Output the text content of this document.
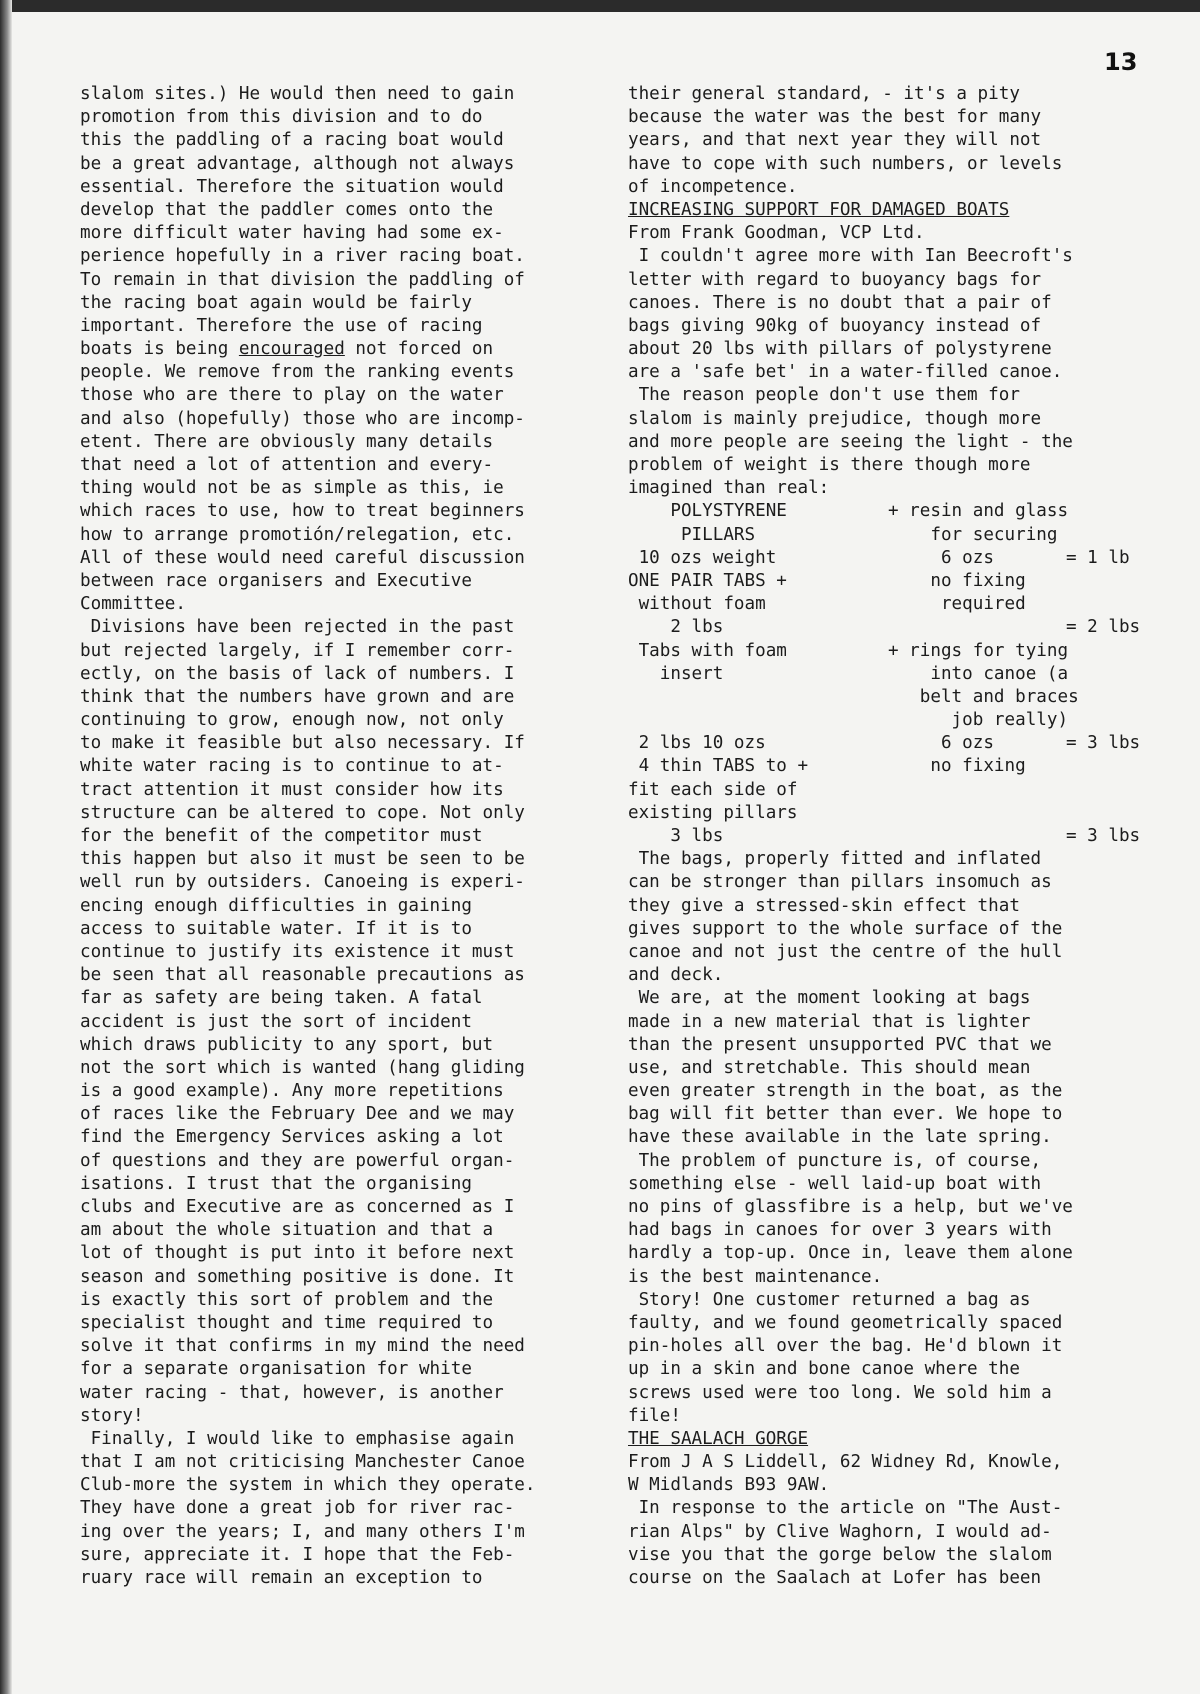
13
slalom sites.) He would then need to gain
promotion from this division and to do
this the paddling of a racing boat would
be a great advantage, although not always
essential. Therefore the situation would
develop that the paddler comes onto the
more difficult water having had some ex-
perience hopefully in a river racing boat.
To remain in that division the paddling of
the racing boat again would be fairly
important. Therefore the use of racing
boats is being encouraged not forced on
people. We remove from the ranking events
those who are there to play on the water
and also (hopefully) those who are incomp-
etent. There are obviously many details
that need a lot of attention and every-
thing would not be as simple as this, ie
which races to use, how to treat beginners
how to arrange promotión/relegation, etc.
All of these would need careful discussion
between race organisers and Executive
Committee.
Divisions have been rejected in the past
but rejected largely, if I remember corr-
ectly, on the basis of lack of numbers. I
think that the numbers have grown and are
continuing to grow, enough now, not only
to make it feasible but also necessary. If
white water racing is to continue to at-
tract attention it must consider how its
structure can be altered to cope. Not only
for the benefit of the competitor must
this happen but also it must be seen to be
well run by outsiders. Canoeing is experi-
encing enough difficulties in gaining
access to suitable water. If it is to
continue to justify its existence it must
be seen that all reasonable precautions as
far as safety are being taken. A fatal
accident is just the sort of incident
which draws publicity to any sport, but
not the sort which is wanted (hang gliding
is a good example). Any more repetitions
of races like the February Dee and we may
find the Emergency Services asking a lot
of questions and they are powerful organ-
isations. I trust that the organising
clubs and Executive are as concerned as I
am about the whole situation and that a
lot of thought is put into it before next
season and something positive is done. It
is exactly this sort of problem and the
specialist thought and time required to
solve it that confirms in my mind the need
for a separate organisation for white
water racing - that, however, is another
story!
Finally, I would like to emphasise again
that I am not criticising Manchester Canoe
Club-more the system in which they operate.
They have done a great job for river rac-
ing over the years; I, and many others I'm
sure, appreciate it. I hope that the Feb-
ruary race will remain an exception to
their general standard, - it's a pity
because the water was the best for many
years, and that next year they will not
have to cope with such numbers, or levels
of incompetence.
INCREASING SUPPORT FOR DAMAGED BOATS
From Frank Goodman, VCP Ltd.
I couldn't agree more with Ian Beecroft's
letter with regard to buoyancy bags for
canoes. There is no doubt that a pair of
bags giving 90kg of buoyancy instead of
about 20 lbs with pillars of polystyrene
are a 'safe bet' in a water-filled canoe.
The reason people don't use them for
slalom is mainly prejudice, though more
and more people are seeing the light - the
problem of weight is there though more
imagined than real:
POLYSTYRENE	+ resin and glass
PILLARS	for securing
10 ozs weight	6 ozs	= 1 lb
ONE PAIR TABS +	no fixing
without foam	required
2 lbs	= 2 lbs
Tabs with foam	+ rings for tying
insert	into canoe (a
belt and braces
job really)
2 lbs 10 ozs	6 ozs	= 3 lbs
4 thin TABS to +	no fixing
fit each side of
existing pillars
3 lbs	= 3 lbs
The bags, properly fitted and inflated
can be stronger than pillars insomuch as
they give a stressed-skin effect that
gives support to the whole surface of the
canoe and not just the centre of the hull
and deck.
We are, at the moment looking at bags
made in a new material that is lighter
than the present unsupported PVC that we
use, and stretchable. This should mean
even greater strength in the boat, as the
bag will fit better than ever. We hope to
have these available in the late spring.
The problem of puncture is, of course,
something else - well laid-up boat with
no pins of glassfibre is a help, but we've
had bags in canoes for over 3 years with
hardly a top-up. Once in, leave them alone
is the best maintenance.
Story! One customer returned a bag as
faulty, and we found geometrically spaced
pin-holes all over the bag. He'd blown it
up in a skin and bone canoe where the
screws used were too long. We sold him a
file!
THE SAALACH GORGE
From J A S Liddell, 62 Widney Rd, Knowle,
W Midlands B93 9AW.
In response to the article on "The Aust-
rian Alps" by Clive Waghorn, I would ad-
vise you that the gorge below the slalom
course on the Saalach at Lofer has been
